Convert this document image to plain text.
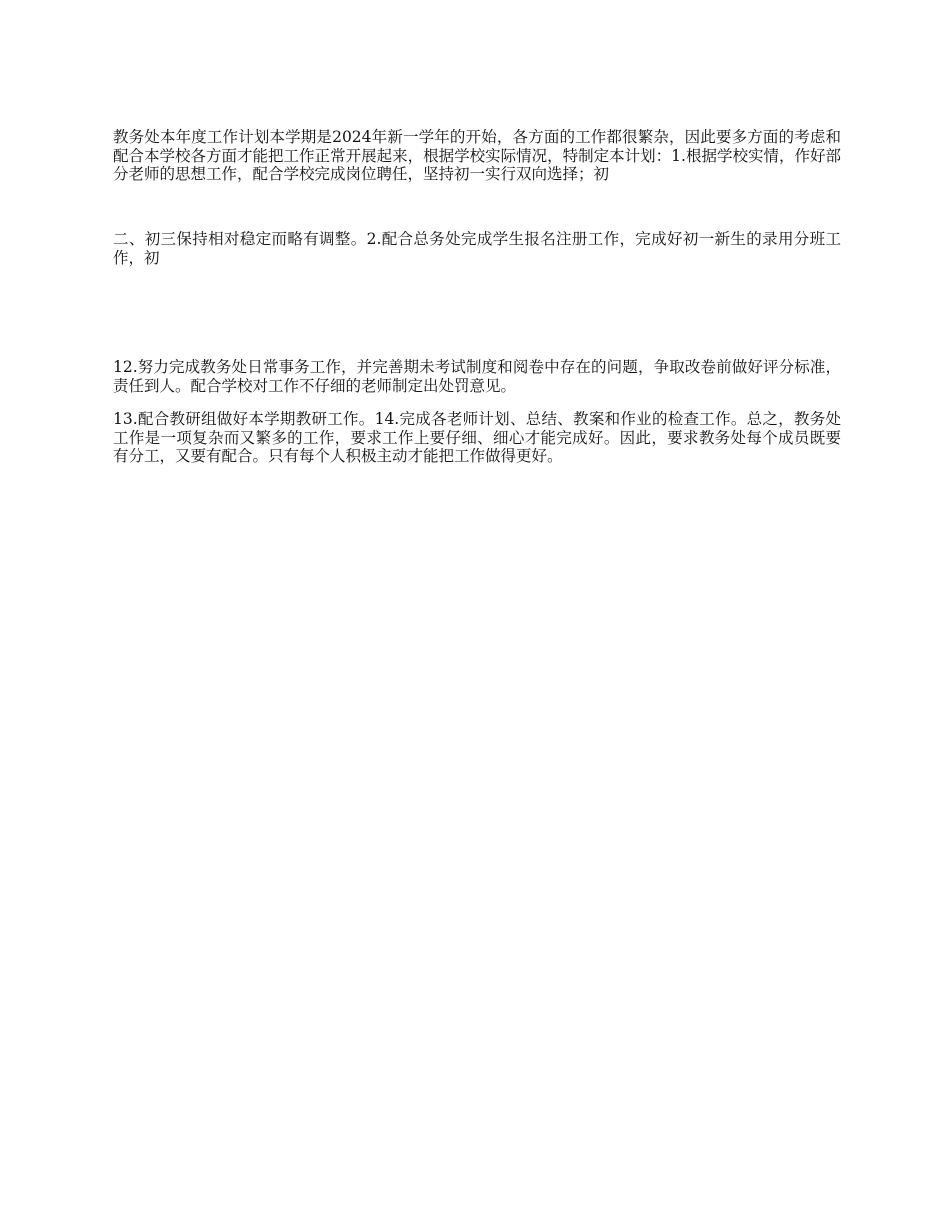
教务处本年度工作计划本学期是2024年新一学年的开始，各方面的工作都很繁杂，因此要多方面的考虑和配合本学校各方面才能把工作正常开展起来，根据学校实际情况，特制定本计划：1.根据学校实情，作好部分老师的思想工作，配合学校完成岗位聘任，坚持初一实行双向选择；初

二、初三保持相对稳定而略有调整。2.配合总务处完成学生报名注册工作，完成好初一新生的录用分班工作，初

12.努力完成教务处日常事务工作，并完善期未考试制度和阅卷中存在的问题，争取改卷前做好评分标准，责任到人。配合学校对工作不仔细的老师制定出处罚意见。

13.配合教研组做好本学期教研工作。14.完成各老师计划、总结、教案和作业的检查工作。总之，教务处工作是一项复杂而又繁多的工作，要求工作上要仔细、细心才能完成好。因此，要求教务处每个成员既要有分工，又要有配合。只有每个人积极主动才能把工作做得更好。
